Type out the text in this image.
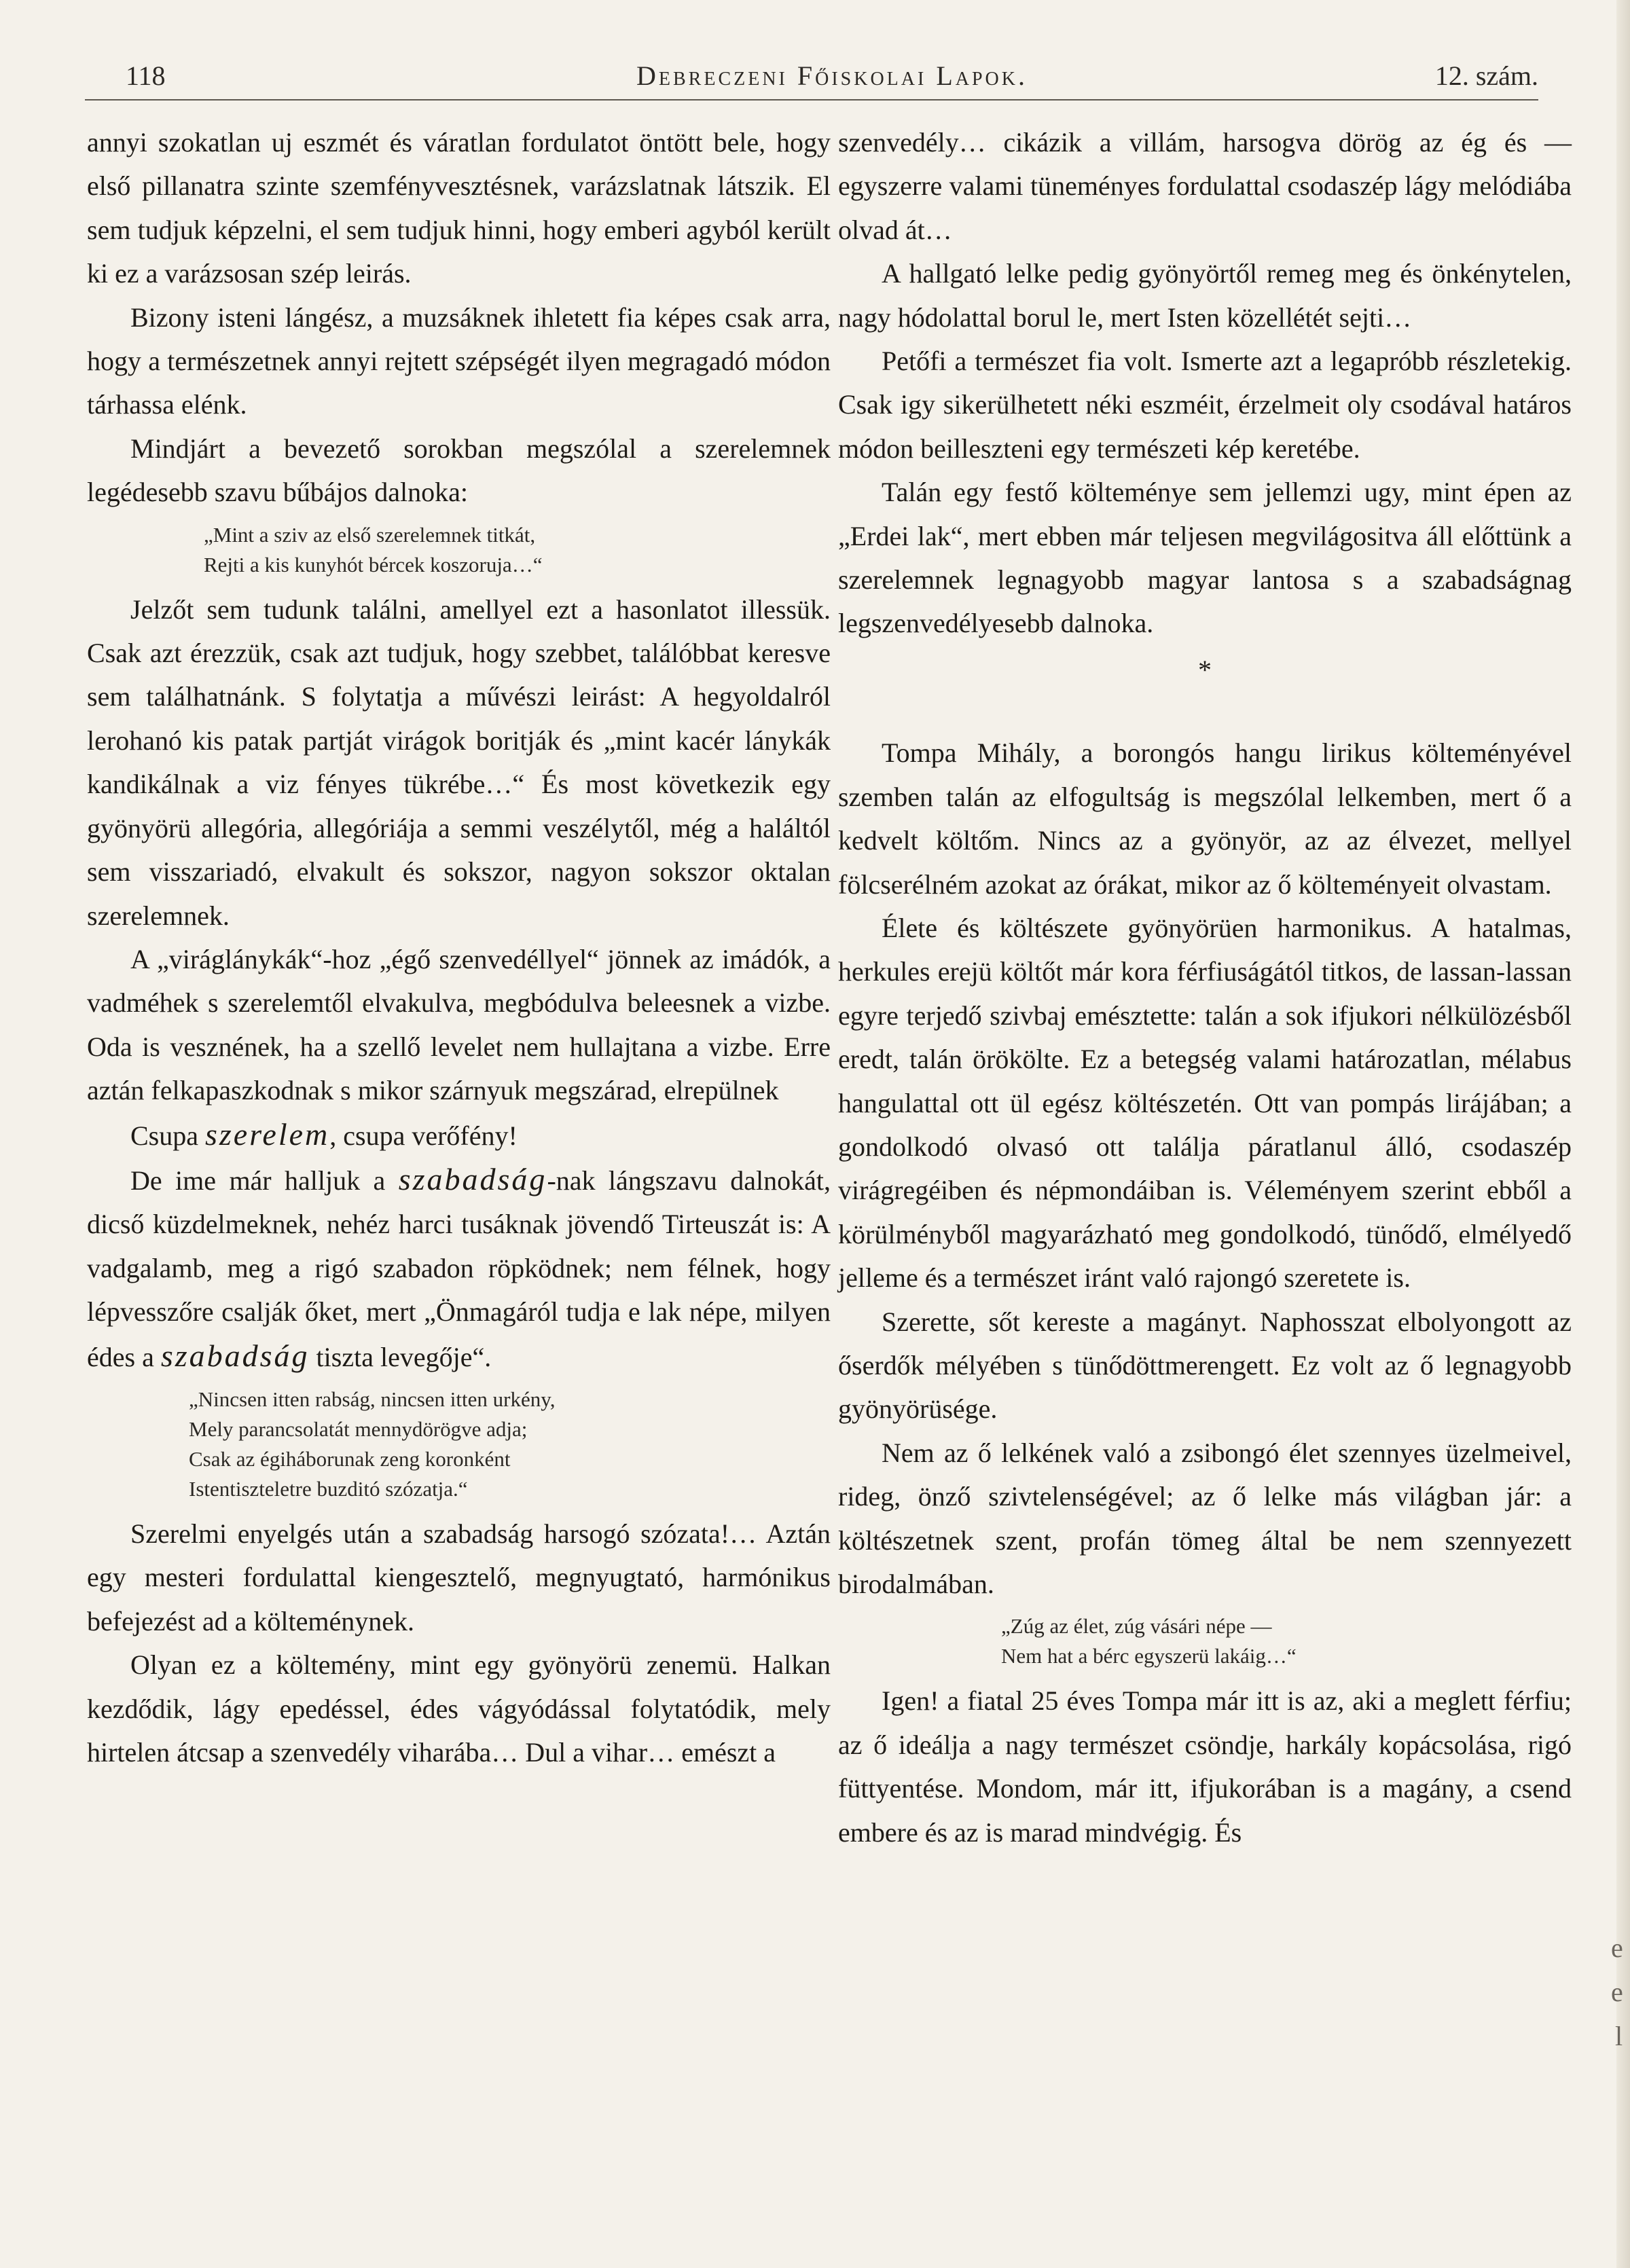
118	Debreczeni Főiskolai Lapok.	12. szám.

annyi szokatlan uj eszmét és váratlan fordulatot öntött bele, hogy első pillanatra szinte szemfényvesztésnek, varázslatnak látszik. El sem tudjuk képzelni, el sem tudjuk hinni, hogy emberi agyból került ki ez a varázsosan szép leirás.

Bizony isteni lángész, a muzsáknek ihletett fia képes csak arra, hogy a természetnek annyi rejtett szépségét ilyen megragadó módon tárhassa elénk.

Mindjárt a bevezető sorokban megszólal a szerelemnek legédesebb szavu bűbájos dalnoka:

„Mint a sziv az első szerelemnek titkát,
Rejti a kis kunyhót bércek koszoruja…“

Jelzőt sem tudunk találni, amellyel ezt a hasonlatot illessük. Csak azt érezzük, csak azt tudjuk, hogy szebbet, találóbbat keresve sem találhatnánk. S folytatja a művészi leirást: A hegyoldalról lerohanó kis patak partját virágok boritják és „mint kacér lánykák kandikálnak a viz fényes tükrébe…“ És most következik egy gyönyörü allegória, allegóriája a semmi veszélytől, még a haláltól sem visszariadó, elvakult és sokszor, nagyon sokszor oktalan szerelemnek.

A „viráglánykák“-hoz „égő szenvedéllyel“ jönnek az imádók, a vadméhek s szerelemtől elvakulva, megbódulva beleesnek a vizbe. Oda is vesznének, ha a szellő levelet nem hullajtana a vizbe. Erre aztán felkapaszkodnak s mikor szárnyuk megszárad, elrepülnek

Csupa szerelem, csupa verőfény!

De ime már halljuk a szabadság-nak lángszavu dalnokát, dicső küzdelmeknek, nehéz harci tusáknak jövendő Tirteuszát is: A vadgalamb, meg a rigó szabadon röpködnek; nem félnek, hogy lépvesszőre csalják őket, mert „Önmagáról tudja e lak népe, milyen édes a szabadság tiszta levegője“.

„Nincsen itten rabság, nincsen itten urkény,
Mely parancsolatát mennydörögve adja;
Csak az égiháborunak zeng koronként
Istentiszteletre buzditó szózatja.“

Szerelmi enyelgés után a szabadság harsogó szózata!… Aztán egy mesteri fordulattal kiengesztelő, megnyugtató, harmónikus befejezést ad a költeménynek.

Olyan ez a költemény, mint egy gyönyörü zenemü. Halkan kezdődik, lágy epedéssel, édes vágyódással folytatódik, mely hirtelen átcsap a szenvedély viharába… Dul a vihar… emészt a

szenvedély… cikázik a villám, harsogva dörög az ég és — egyszerre valami tüneményes fordulattal csodaszép lágy melódiába olvad át…

A hallgató lelke pedig gyönyörtől remeg meg és önkénytelen, nagy hódolattal borul le, mert Isten közellétét sejti…

Petőfi a természet fia volt. Ismerte azt a legapróbb részletekig. Csak igy sikerülhetett néki eszméit, érzelmeit oly csodával határos módon beilleszteni egy természeti kép keretébe.

Talán egy festő költeménye sem jellemzi ugy, mint épen az „Erdei lak“, mert ebben már teljesen megvilágositva áll előttünk a szerelemnek legnagyobb magyar lantosa s a szabadságnag legszenvedélyesebb dalnoka.

*

Tompa Mihály, a borongós hangu lirikus költeményével szemben talán az elfogultság is megszólal lelkemben, mert ő a kedvelt költőm. Nincs az a gyönyör, az az élvezet, mellyel fölcserélném azokat az órákat, mikor az ő költeményeit olvastam.

Élete és költészete gyönyörüen harmonikus. A hatalmas, herkules erejü költőt már kora férfiuságától titkos, de lassan-lassan egyre terjedő szivbaj emésztette: talán a sok ifjukori nélkülözésből eredt, talán örökölte. Ez a betegség valami határozatlan, mélabus hangulattal ott ül egész költészetén. Ott van pompás lirájában; a gondolkodó olvasó ott találja páratlanul álló, csodaszép virágregéiben és népmondáiban is. Véleményem szerint ebből a körülményből magyarázható meg gondolkodó, tünődő, elmélyedő jelleme és a természet iránt való rajongó szeretete is.

Szerette, sőt kereste a magányt. Naphosszat elbolyongott az őserdők mélyében s tünődöttmerengett. Ez volt az ő legnagyobb gyönyörüsége.

Nem az ő lelkének való a zsibongó élet szennyes üzelmeivel, rideg, önző szivtelenségével; az ő lelke más világban jár: a költészetnek szent, profán tömeg által be nem szennyezett birodalmában.

„Zúg az élet, zúg vásári népe —
Nem hat a bérc egyszerü lakáig…“

Igen! a fiatal 25 éves Tompa már itt is az, aki a meglett férfiu; az ő ideálja a nagy természet csöndje, harkály kopácsolása, rigó füttyentése. Mondom, már itt, ifjukorában is a magány, a csend embere és az is marad mindvégig. És

e
e
l
